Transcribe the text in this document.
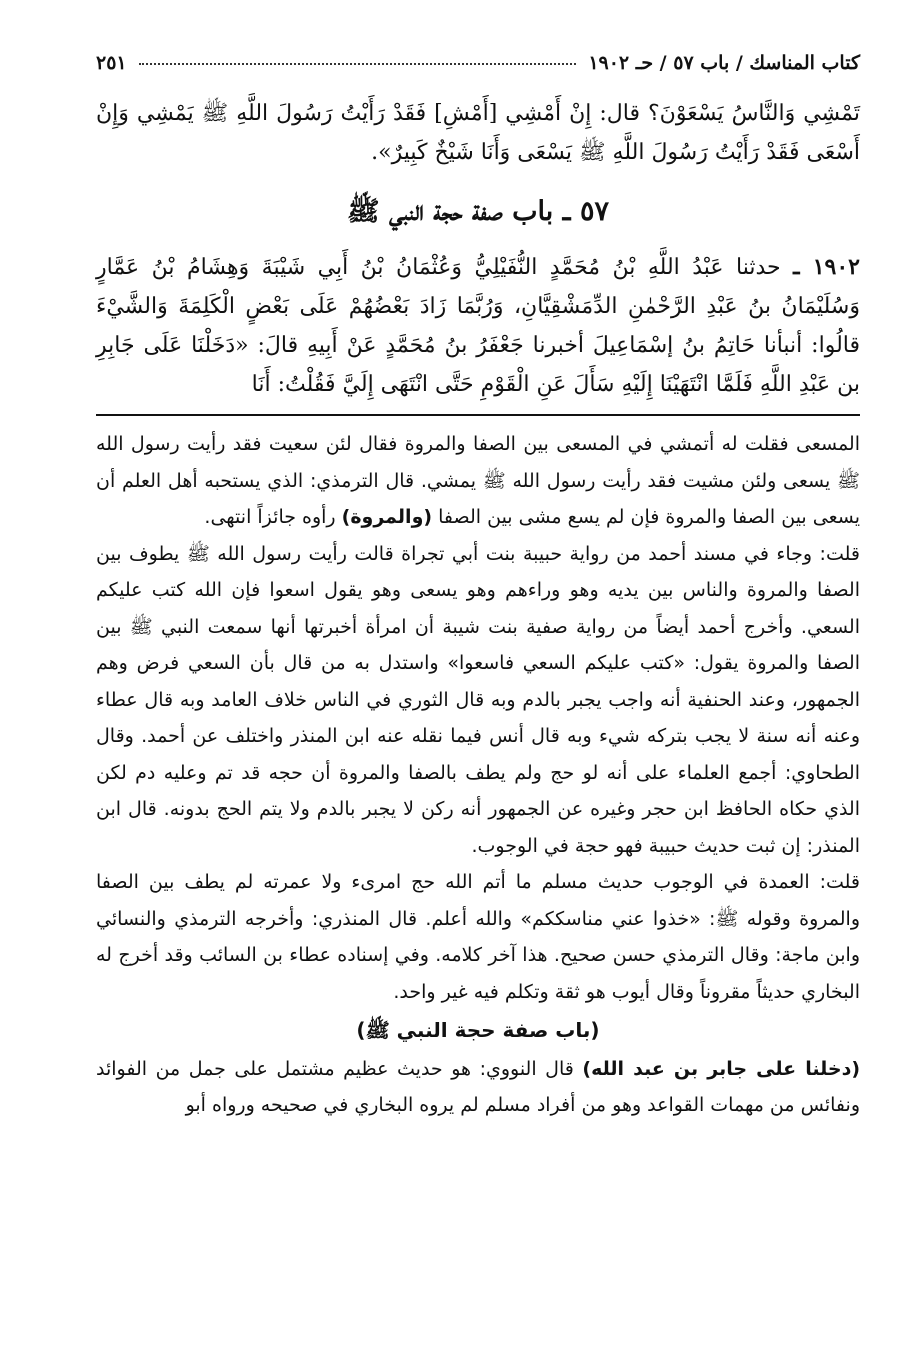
كتاب المناسك / باب ٥٧ / حـ ١٩٠٢
٢٥١

تَمْشِي وَالنَّاسُ يَسْعَوْنَ؟ قال: إِنْ أَمْشِي [أَمْشِ] فَقَدْ رَأَيْتُ رَسُولَ اللَّهِ ﷺ يَمْشِي وَإِنْ أَسْعَى فَقَدْ رَأَيْتُ رَسُولَ اللَّهِ ﷺ يَسْعَى وَأَنَا شَيْخٌ كَبِيرٌ».

٥٧ ـ باب صفة حجة النبي ﷺ

١٩٠٢ ـ حدثنا عَبْدُ اللَّهِ بْنُ مُحَمَّدٍ النُّفَيْلِيُّ وَعُثْمَانُ بْنُ أَبِي شَيْبَةَ وَهِشَامُ بْنُ عَمَّارٍ وَسُلَيْمَانُ بنُ عَبْدِ الرَّحْمٰنِ الدِّمَشْقِيَّانِ، وَرُبَّمَا زَادَ بَعْضُهُمْ عَلَى بَعْضٍ الْكَلِمَةَ وَالشَّيْءَ قالُوا: أنبأنا حَاتِمُ بنُ إسْمَاعِيلَ أخبرنا جَعْفَرُ بنُ مُحَمَّدٍ عَنْ أَبِيهِ قالَ: «دَخَلْنَا عَلَى جَابِرِ بن عَبْدِ اللَّهِ فَلَمَّا انْتَهَيْنَا إِلَيْهِ سَأَلَ عَنِ الْقَوْمِ حَتَّى انْتَهَى إِلَيَّ فَقُلْتُ: أَنَا

المسعى فقلت له أتمشي في المسعى بين الصفا والمروة فقال لئن سعيت فقد رأيت رسول الله ﷺ يسعى ولئن مشيت فقد رأيت رسول الله ﷺ يمشي. قال الترمذي: الذي يستحبه أهل العلم أن يسعى بين الصفا والمروة فإن لم يسع مشى بين الصفا (والمروة) رأوه جائزاً انتهى.

قلت: وجاء في مسند أحمد من رواية حبيبة بنت أبي تجراة قالت رأيت رسول الله ﷺ يطوف بين الصفا والمروة والناس بين يديه وهو وراءهم وهو يسعى وهو يقول اسعوا فإن الله كتب عليكم السعي. وأخرج أحمد أيضاً من رواية صفية بنت شيبة أن امرأة أخبرتها أنها سمعت النبي ﷺ بين الصفا والمروة يقول: «كتب عليكم السعي فاسعوا» واستدل به من قال بأن السعي فرض وهم الجمهور، وعند الحنفية أنه واجب يجبر بالدم وبه قال الثوري في الناس خلاف العامد وبه قال عطاء وعنه أنه سنة لا يجب بتركه شيء وبه قال أنس فيما نقله عنه ابن المنذر واختلف عن أحمد. وقال الطحاوي: أجمع العلماء على أنه لو حج ولم يطف بالصفا والمروة أن حجه قد تم وعليه دم لكن الذي حكاه الحافظ ابن حجر وغيره عن الجمهور أنه ركن لا يجبر بالدم ولا يتم الحج بدونه. قال ابن المنذر: إن ثبت حديث حبيبة فهو حجة في الوجوب.

قلت: العمدة في الوجوب حديث مسلم ما أتم الله حج امرىء ولا عمرته لم يطف بين الصفا والمروة وقوله ﷺ: «خذوا عني مناسككم» والله أعلم. قال المنذري: وأخرجه الترمذي والنسائي وابن ماجة: وقال الترمذي حسن صحيح. هذا آخر كلامه. وفي إسناده عطاء بن السائب وقد أخرج له البخاري حديثاً مقروناً وقال أيوب هو ثقة وتكلم فيه غير واحد.

(باب صفة حجة النبي ﷺ)

(دخلنا على جابر بن عبد الله) قال النووي: هو حديث عظيم مشتمل على جمل من الفوائد ونفائس من مهمات القواعد وهو من أفراد مسلم لم يروه البخاري في صحيحه ورواه أبو
